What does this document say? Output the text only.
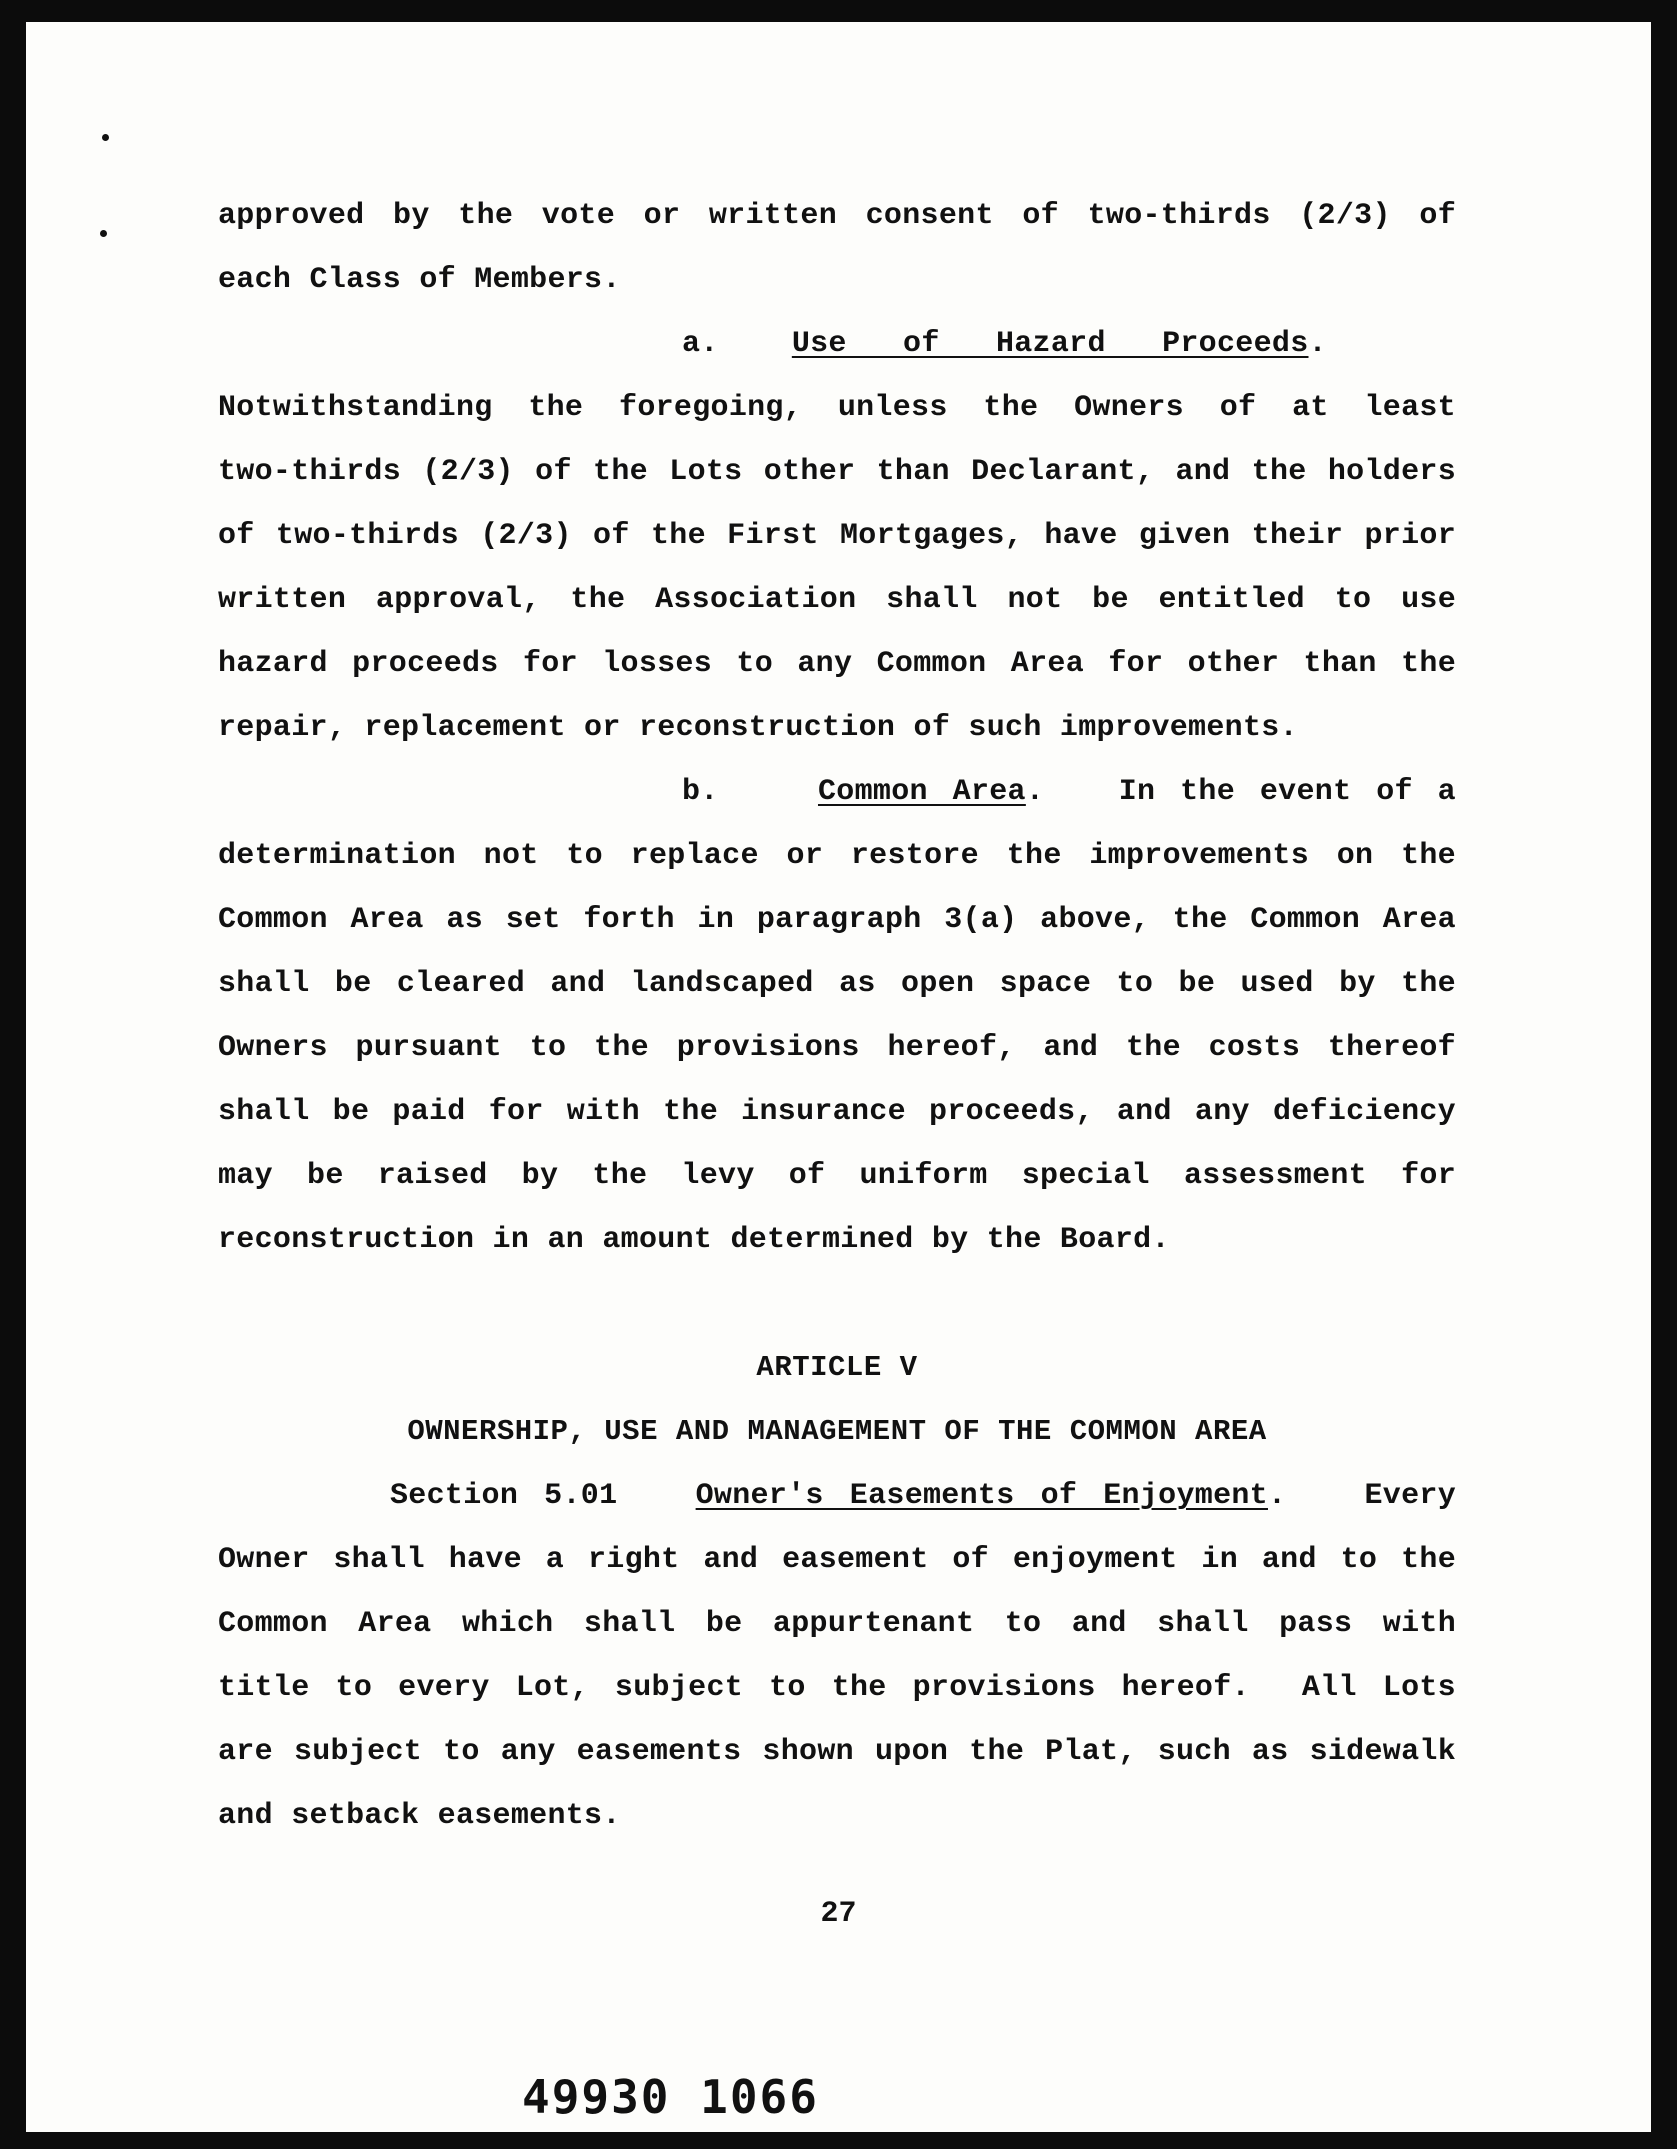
approved by the vote or written consent of two-thirds (2/3) of
each Class of Members.
a. Use of Hazard Proceeds.
Notwithstanding the foregoing, unless the Owners of at least
two-thirds (2/3) of the Lots other than Declarant, and the holders
of two-thirds (2/3) of the First Mortgages, have given their prior
written approval, the Association shall not be entitled to use
hazard proceeds for losses to any Common Area for other than the
repair, replacement or reconstruction of such improvements.
b.	Common Area.   In the event of a
determination not to replace or restore the improvements on the
Common Area as set forth in paragraph 3(a) above, the Common Area
shall be cleared and landscaped as open space to be used by the
Owners pursuant to the provisions hereof, and the costs thereof
shall be paid for with the insurance proceeds, and any deficiency
may be raised by the levy of uniform special assessment for
reconstruction in an amount determined by the Board.
ARTICLE V
OWNERSHIP, USE AND MANAGEMENT OF THE COMMON AREA
Section 5.01	Owner's Easements of Enjoyment.   Every
Owner shall have a right and easement of enjoyment in and to the
Common Area which shall be appurtenant to and shall pass with
title to every Lot, subject to the provisions hereof.  All Lots
are subject to any easements shown upon the Plat, such as sidewalk
and setback easements.
27
49930 1066
